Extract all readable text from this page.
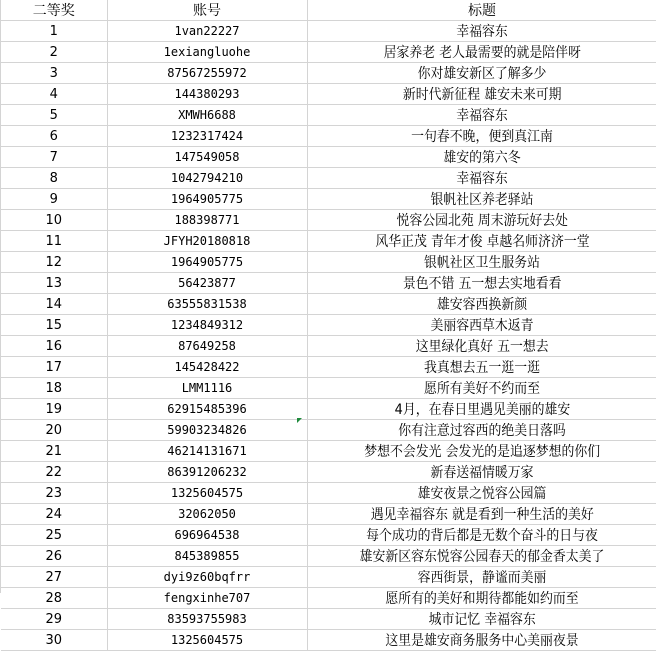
二等奖	账号	标题
1	1van22227	幸福容东
2	1exiangluohe	居家养老 老人最需要的就是陪伴呀
3	87567255972	你对雄安新区了解多少
4	144380293	新时代新征程 雄安未来可期
5	XMWH6688	幸福容东
6	1232317424	一句春不晚，便到真江南
7	147549058	雄安的第六冬
8	1042794210	幸福容东
9	1964905775	银帆社区养老驿站
10	188398771	悦容公园北苑 周末游玩好去处
11	JFYH20180818	风华正茂 青年才俊 卓越名师济济一堂
12	1964905775	银帆社区卫生服务站
13	56423877	景色不错 五一想去实地看看
14	63555831538	雄安容西换新颜
15	1234849312	美丽容西草木返青
16	87649258	这里绿化真好 五一想去
17	145428422	我真想去五一逛一逛
18	LMM1116	愿所有美好不约而至
19	62915485396	4月，在春日里遇见美丽的雄安
20	59903234826	你有注意过容西的绝美日落吗
21	46214131671	梦想不会发光 会发光的是追逐梦想的你们
22	86391206232	新春送福情暖万家
23	1325604575	雄安夜景之悦容公园篇
24	32062050	遇见幸福容东 就是看到一种生活的美好
25	696964538	每个成功的背后都是无数个奋斗的日与夜
26	845389855	雄安新区容东悦容公园春天的郁金香太美了
27	dyi9z60bqfrr	容西街景，静谧而美丽
28	fengxinhe707	愿所有的美好和期待都能如约而至
29	83593755983	城市记忆 幸福容东
30	1325604575	这里是雄安商务服务中心美丽夜景
